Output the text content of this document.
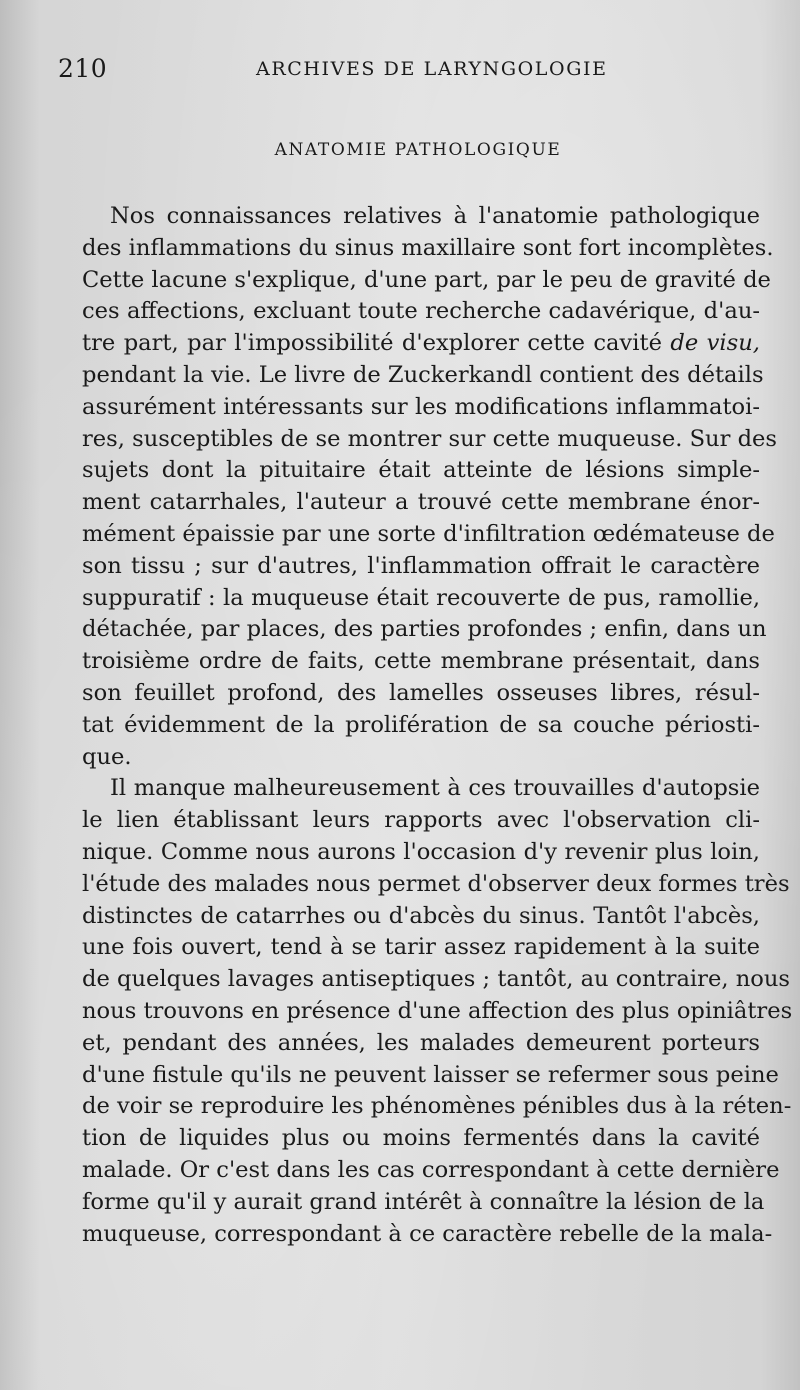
210	ARCHIVES DE LARYNGOLOGIE
ANATOMIE PATHOLOGIQUE
Nos connaissances relatives à l'anatomie pathologique
des inflammations du sinus maxillaire sont fort incomplètes.
Cette lacune s'explique, d'une part, par le peu de gravité de
ces affections, excluant toute recherche cadavérique, d'au-
tre part, par l'impossibilité d'explorer cette cavité de visu,
pendant la vie. Le livre de Zuckerkandl contient des détails
assurément intéressants sur les modifications inflammatoi-
res, susceptibles de se montrer sur cette muqueuse. Sur des
sujets dont la pituitaire était atteinte de lésions simple-
ment catarrhales, l'auteur a trouvé cette membrane énor-
mément épaissie par une sorte d'infiltration œdémateuse de
son tissu ; sur d'autres, l'inflammation offrait le caractère
suppuratif : la muqueuse était recouverte de pus, ramollie,
détachée, par places, des parties profondes ; enfin, dans un
troisième ordre de faits, cette membrane présentait, dans
son feuillet profond, des lamelles osseuses libres, résul-
tat évidemment de la prolifération de sa couche périosti-
que.
Il manque malheureusement à ces trouvailles d'autopsie
le lien établissant leurs rapports avec l'observation cli-
nique. Comme nous aurons l'occasion d'y revenir plus loin,
l'étude des malades nous permet d'observer deux formes très
distinctes de catarrhes ou d'abcès du sinus. Tantôt l'abcès,
une fois ouvert, tend à se tarir assez rapidement à la suite
de quelques lavages antiseptiques ; tantôt, au contraire, nous
nous trouvons en présence d'une affection des plus opiniâtres
et, pendant des années, les malades demeurent porteurs
d'une fistule qu'ils ne peuvent laisser se refermer sous peine
de voir se reproduire les phénomènes pénibles dus à la réten-
tion de liquides plus ou moins fermentés dans la cavité
malade. Or c'est dans les cas correspondant à cette dernière
forme qu'il y aurait grand intérêt à connaître la lésion de la
muqueuse, correspondant à ce caractère rebelle de la mala-
